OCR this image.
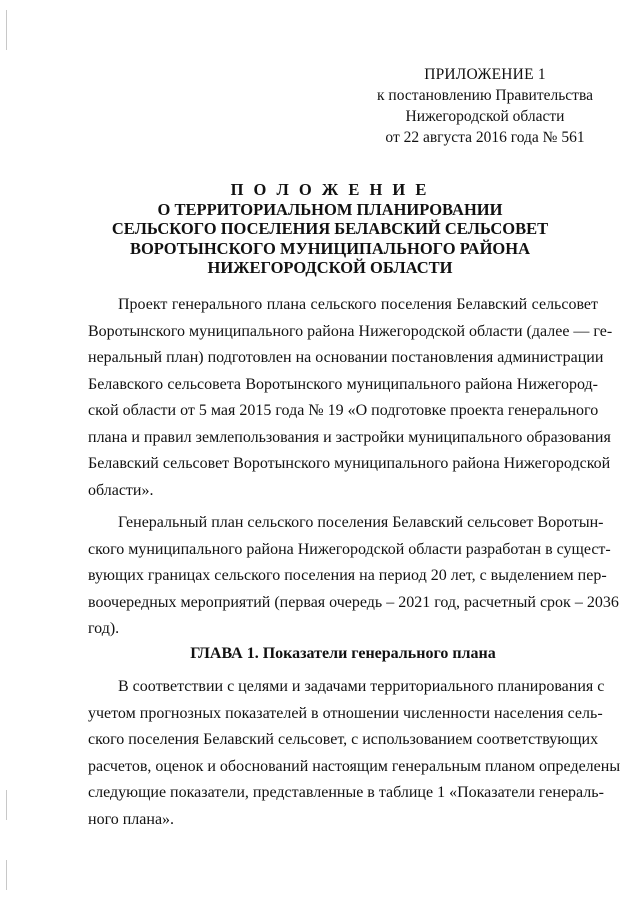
ПРИЛОЖЕНИЕ 1
к постановлению Правительства
Нижегородской области
от 22 августа 2016 года № 561
П О Л О Ж Е Н И Е
О ТЕРРИТОРИАЛЬНОМ ПЛАНИРОВАНИИ
СЕЛЬСКОГО ПОСЕЛЕНИЯ БЕЛАВСКИЙ СЕЛЬСОВЕТ
ВОРОТЫНСКОГО МУНИЦИПАЛЬНОГО РАЙОНА
НИЖЕГОРОДСКОЙ ОБЛАСТИ
Проект генерального плана сельского поселения Белавский сельсовет
Воротынского муниципального района Нижегородской области (далее — ге-
неральный план) подготовлен на основании постановления администрации
Белавского сельсовета Воротынского муниципального района Нижегород-
ской области от 5 мая 2015 года № 19 «О подготовке проекта генерального
плана и правил землепользования и застройки муниципального образования
Белавский сельсовет Воротынского муниципального района Нижегородской
области».
Генеральный план сельского поселения Белавский сельсовет Воротын-
ского муниципального района Нижегородской области разработан в сущест-
вующих границах сельского поселения на период 20 лет, с выделением пер-
воочередных мероприятий (первая очередь – 2021 год, расчетный срок – 2036
год).
ГЛАВА 1. Показатели генерального плана
В соответствии с целями и задачами территориального планирования с
учетом прогнозных показателей в отношении численности населения сель-
ского поселения Белавский сельсовет, с использованием соответствующих
расчетов, оценок и обоснований настоящим генеральным планом определены
следующие показатели, представленные в таблице 1 «Показатели генераль-
ного плана».
